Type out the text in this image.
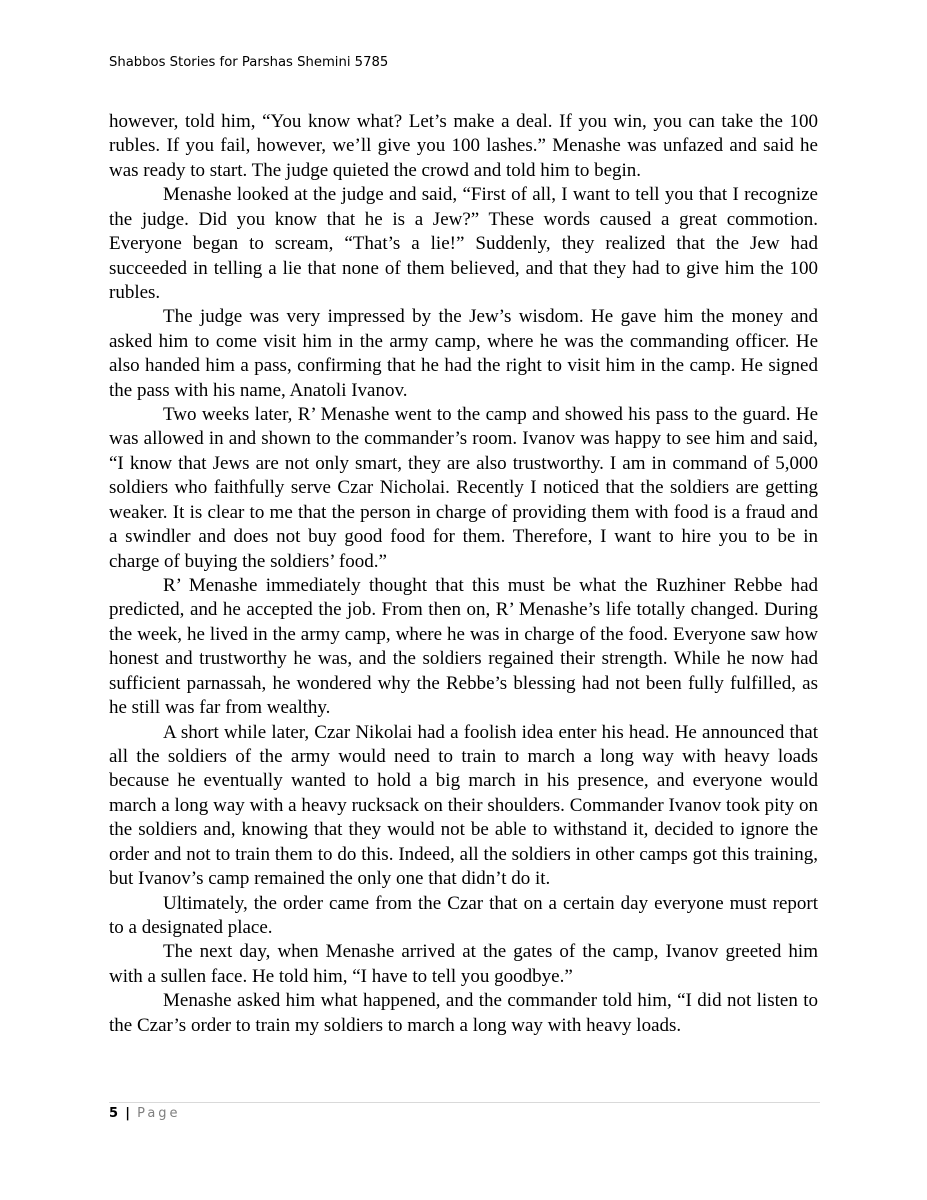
Shabbos Stories for Parshas Shemini 5785

however, told him, “You know what? Let’s make a deal. If you win, you can take the 100 rubles. If you fail, however, we’ll give you 100 lashes.” Menashe was unfazed and said he was ready to start. The judge quieted the crowd and told him to begin.

Menashe looked at the judge and said, “First of all, I want to tell you that I recognize the judge. Did you know that he is a Jew?” These words caused a great commotion. Everyone began to scream, “That’s a lie!” Suddenly, they realized that the Jew had succeeded in telling a lie that none of them believed, and that they had to give him the 100 rubles.

The judge was very impressed by the Jew’s wisdom. He gave him the money and asked him to come visit him in the army camp, where he was the commanding officer. He also handed him a pass, confirming that he had the right to visit him in the camp. He signed the pass with his name, Anatoli Ivanov.

Two weeks later, R’ Menashe went to the camp and showed his pass to the guard. He was allowed in and shown to the commander’s room. Ivanov was happy to see him and said, “I know that Jews are not only smart, they are also trustworthy. I am in command of 5,000 soldiers who faithfully serve Czar Nicholai. Recently I noticed that the soldiers are getting weaker. It is clear to me that the person in charge of providing them with food is a fraud and a swindler and does not buy good food for them. Therefore, I want to hire you to be in charge of buying the soldiers’ food.”

R’ Menashe immediately thought that this must be what the Ruzhiner Rebbe had predicted, and he accepted the job. From then on, R’ Menashe’s life totally changed. During the week, he lived in the army camp, where he was in charge of the food. Everyone saw how honest and trustworthy he was, and the soldiers regained their strength. While he now had sufficient parnassah, he wondered why the Rebbe’s blessing had not been fully fulfilled, as he still was far from wealthy.

A short while later, Czar Nikolai had a foolish idea enter his head. He announced that all the soldiers of the army would need to train to march a long way with heavy loads because he eventually wanted to hold a big march in his presence, and everyone would march a long way with a heavy rucksack on their shoulders. Commander Ivanov took pity on the soldiers and, knowing that they would not be able to withstand it, decided to ignore the order and not to train them to do this. Indeed, all the soldiers in other camps got this training, but Ivanov’s camp remained the only one that didn’t do it.

Ultimately, the order came from the Czar that on a certain day everyone must report to a designated place.

The next day, when Menashe arrived at the gates of the camp, Ivanov greeted him with a sullen face. He told him, “I have to tell you goodbye.”

Menashe asked him what happened, and the commander told him, “I did not listen to the Czar’s order to train my soldiers to march a long way with heavy loads.

5 | Page
